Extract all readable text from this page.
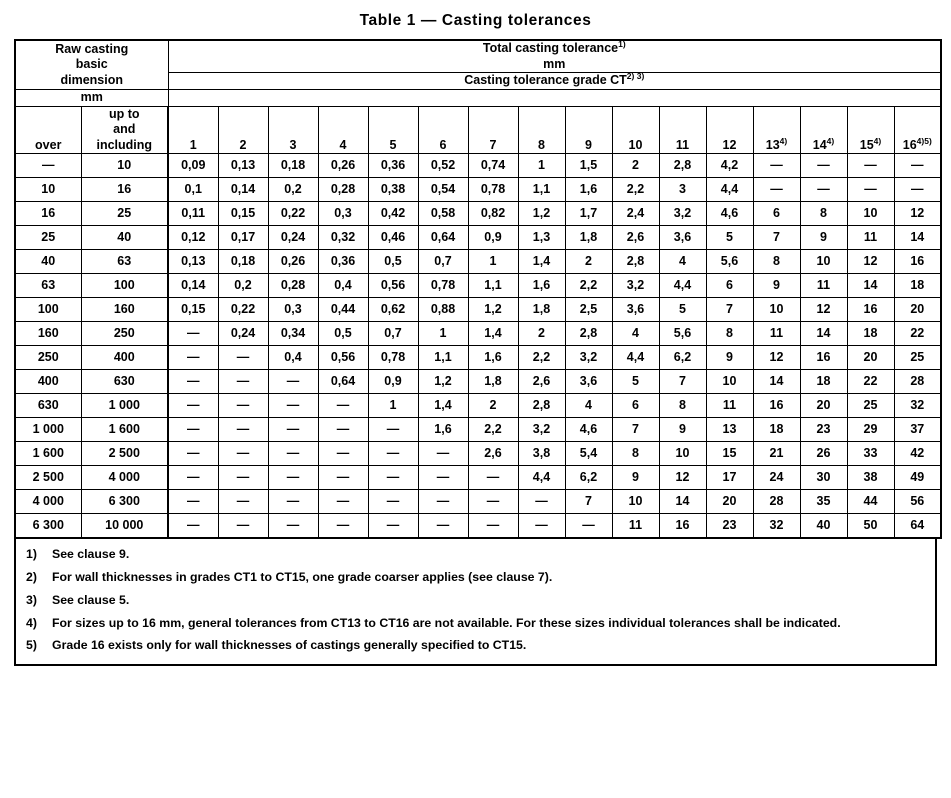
Table 1 — Casting tolerances
Raw casting
basic
dimension

Total casting tolerance$^{1)}$
mm

		Casting tolerance grade $CT^{2) 3)}$
mm																	
over	up to
and
including	1	2	3	4	5	6	7	8	9	10	11	12	13$^{4)}$	14$^{4)}$	15$^{4)}$	$16^{4)5)}$
—	10	0,09	0,13	0,18	0,26	0,36	0,52	0,74	1	1,5	2	2,8	4,2	—	—	—	—
10	16	0,1	0,14	0,2	0,28	0,38	0,54	0,78	1,1	1,6	2,2	3	4,4	—	—	—	—
16	25	0,11	0,15	0,22	0,3	0,42	0,58	0,82	1,2	1,7	2,4	3,2	4,6	6	8	10	12
25	40	0,12	0,17	0,24	0,32	0,46	0,64	0,9	1,3	1,8	2,6	3,6	5	7	9	11	14
40	63	0,13	0,18	0,26	0,36	0,5	0,7	1	1,4	2	2,8	4	5,6	8	10	12	16
63	100	0,14	0,2	0,28	0,4	0,56	0,78	1,1	1,6	2,2	3,2	4,4	6	9	11	14	18
100	160	0,15	0,22	0,3	0,44	0,62	0,88	1,2	1,8	2,5	3,6	5	7	10	12	16	20
160	250	—	0,24	0,34	0,5	0,7	1	1,4	2	2,8	4	5,6	8	11	14	18	22
250	400	—	—	0,4	0,56	0,78	1,1	1,6	2,2	3,2	4,4	6,2	9	12	16	20	25
400	630	—	—	—	0,64	0,9	1,2	1,8	2,6	3,6	5	7	10	14	18	22	28
630	1 000	—	—	—	—	1	1,4	2	2,8	4	6	8	11	16	20	25	32
1 000	1 600	—	—	—	—	—	1,6	2,2	3,2	4,6	7	9	13	18	23	29	37
1 600	2 500	—	—	—	—	—	—	2,6	3,8	5,4	8	10	15	21	26	33	42
2 500	4 000	—	—	—	—	—	—	—	4,4	6,2	9	12	17	24	30	38	49
4 000	6 300	—	—	—	—	—	—	—	—	7	10	14	20	28	35	44	56
6 300	10 000	—	—	—	—	—	—	—	—	—	11	16	23	32	40	50	64
1)	See clause 9.
2)	For wall thicknesses in grades CT1 to CT15, one grade coarser applies (see clause 7).
3)	See clause 5.
4)	For sizes up to 16 mm, general tolerances from CT13 to CT16 are not available. For these sizes individual tolerances shall be indicated.
5)	Grade 16 exists only for wall thicknesses of castings generally specified to CT15.
